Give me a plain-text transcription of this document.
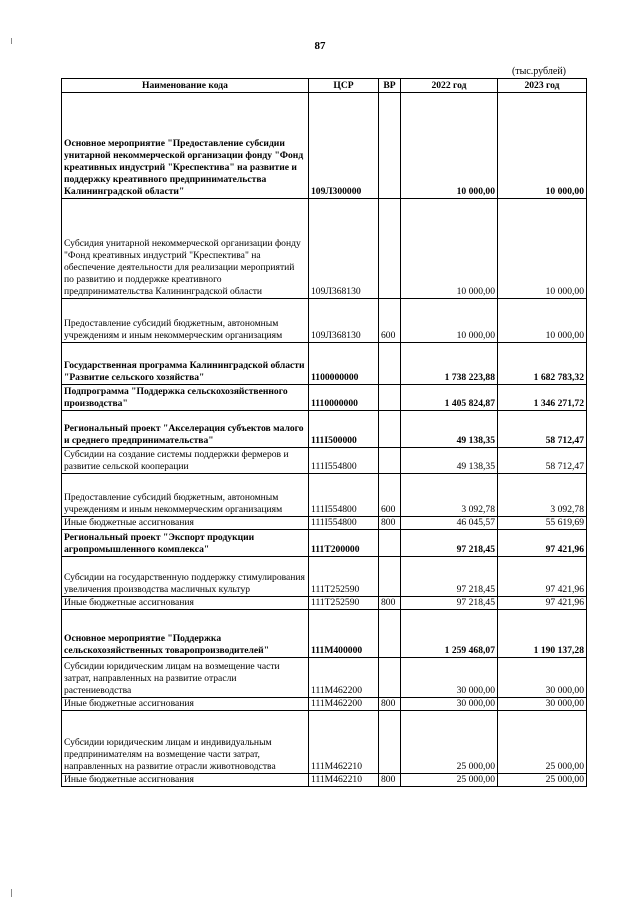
87
(тыс.рублей)
Наименование кода	ЦСР	ВР	2022 год	2023 год
Основное мероприятие "Предоставление субсидии унитарной некоммерческой организации фонду "Фонд креативных индустрий "Креспектива" на развитие и поддержку креативного предпринимательства Калининградской области"	109Л300000		10 000,00	10 000,00
Субсидия унитарной некоммерческой организации фонду "Фонд креативных индустрий "Креспектива" на обеспечение деятельности для реализации мероприятий по развитию и поддержке креативного предпринимательства Калининградской области	109Л368130		10 000,00	10 000,00
Предоставление субсидий бюджетным, автономным учреждениям и иным некоммерческим организациям	109Л368130	600	10 000,00	10 000,00
Государственная программа Калининградской области "Развитие сельского хозяйства"	1100000000		1 738 223,88	1 682 783,32
Подпрограмма "Поддержка сельскохозяйственного производства"	1110000000		1 405 824,87	1 346 271,72
Региональный проект "Акселерация субъектов малого и среднего предпринимательства"	111I500000		49 138,35	58 712,47
Субсидии на создание системы поддержки фермеров и развитие сельской кооперации	111I554800		49 138,35	58 712,47
Предоставление субсидий бюджетным, автономным учреждениям и иным некоммерческим организациям	111I554800	600	3 092,78	3 092,78
Иные бюджетные ассигнования	111I554800	800	46 045,57	55 619,69
Региональный проект "Экспорт продукции агропромышленного комплекса"	111T200000		97 218,45	97 421,96
Субсидии на государственную поддержку стимулирования увеличения производства масличных культур	111T252590		97 218,45	97 421,96
Иные бюджетные ассигнования	111T252590	800	97 218,45	97 421,96
Основное мероприятие "Поддержка сельскохозяйственных товаропроизводителей"	111M400000		1 259 468,07	1 190 137,28
Субсидии юридическим лицам на возмещение части затрат, направленных на развитие отрасли растениеводства	111M462200		30 000,00	30 000,00
Иные бюджетные ассигнования	111M462200	800	30 000,00	30 000,00
Субсидии юридическим лицам и индивидуальным предпринимателям на возмещение части затрат, направленных на развитие отрасли животноводства	111M462210		25 000,00	25 000,00
Иные бюджетные ассигнования	111M462210	800	25 000,00	25 000,00
